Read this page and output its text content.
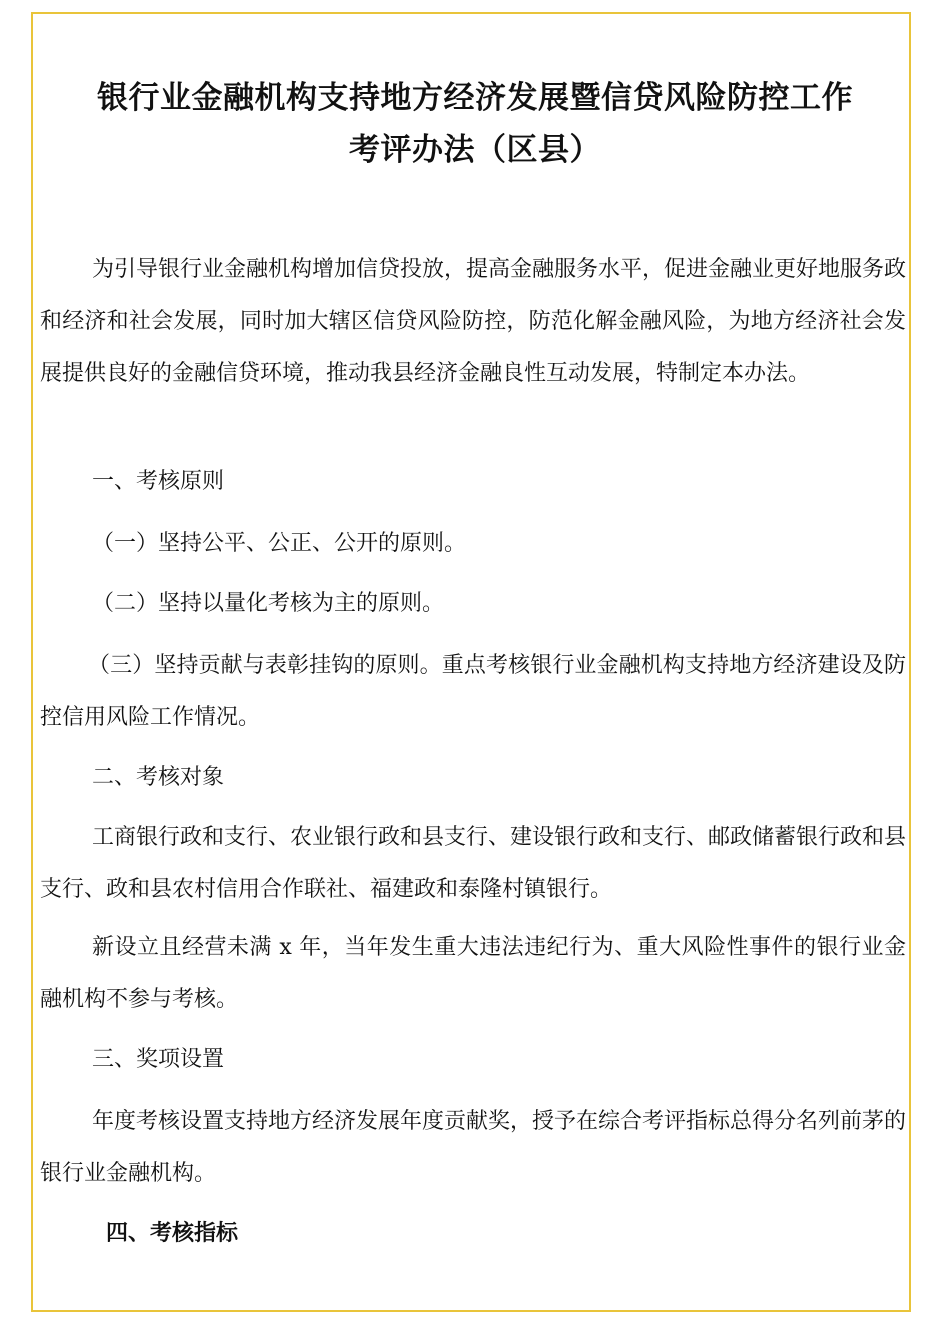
银行业金融机构支持地方经济发展暨信贷风险防控工作
考评办法（区县）

为引导银行业金融机构增加信贷投放，提高金融服务水平，促进金融业更好地服务政和经济和社会发展，同时加大辖区信贷风险防控，防范化解金融风险，为地方经济社会发展提供良好的金融信贷环境，推动我县经济金融良性互动发展，特制定本办法。

一、考核原则

（一）坚持公平、公正、公开的原则。

（二）坚持以量化考核为主的原则。

（三）坚持贡献与表彰挂钩的原则。重点考核银行业金融机构支持地方经济建设及防控信用风险工作情况。

二、考核对象

工商银行政和支行、农业银行政和县支行、建设银行政和支行、邮政储蓄银行政和县支行、政和县农村信用合作联社、福建政和泰隆村镇银行。

新设立且经营未满 x 年，当年发生重大违法违纪行为、重大风险性事件的银行业金融机构不参与考核。

三、奖项设置

年度考核设置支持地方经济发展年度贡献奖，授予在综合考评指标总得分名列前茅的银行业金融机构。

四、考核指标
